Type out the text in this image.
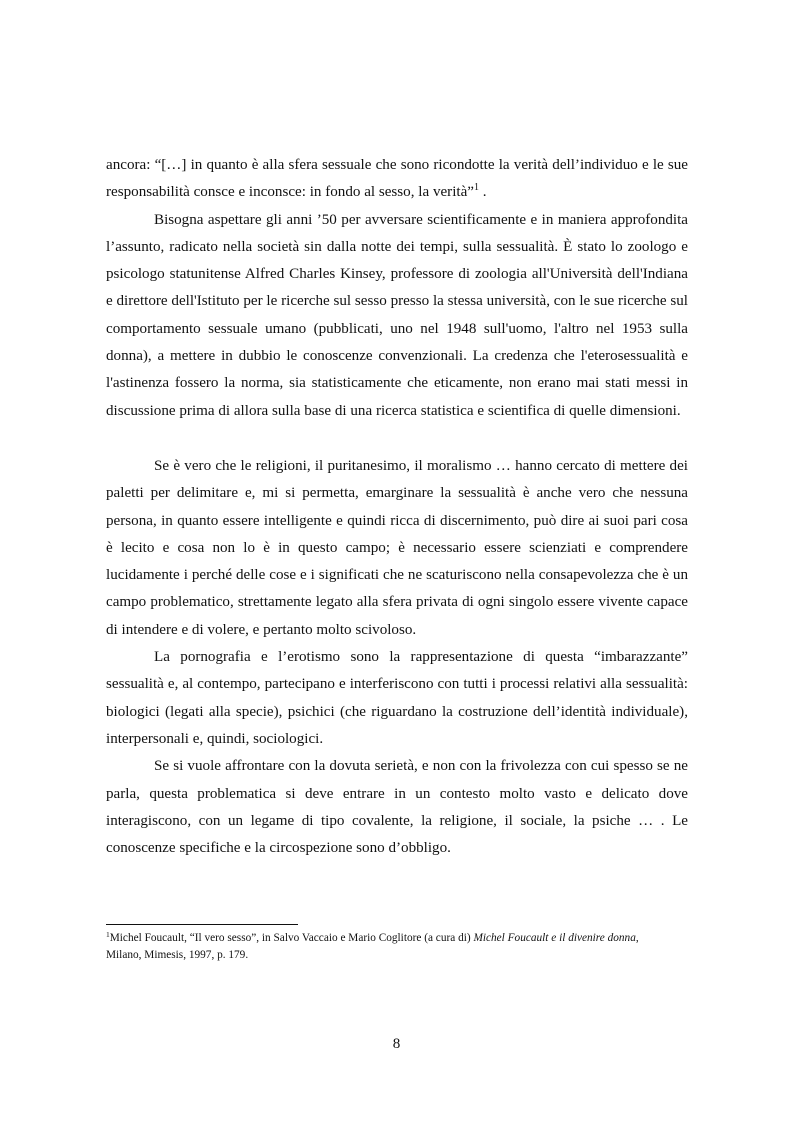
ancora: “[…] in quanto è alla sfera sessuale che sono ricondotte la verità dell’individuo e le sue responsabilità consce e inconsce: in fondo al sesso, la verità”$^1$ .

Bisogna aspettare gli anni ’50 per avversare scientificamente e in maniera approfondita l’assunto, radicato nella società sin dalla notte dei tempi, sulla sessualità. È stato lo zoologo e psicologo statunitense Alfred Charles Kinsey, professore di zoologia all'Università dell'Indiana e direttore dell'Istituto per le ricerche sul sesso presso la stessa università, con le sue ricerche sul comportamento sessuale umano (pubblicati, uno nel 1948 sull'uomo, l'altro nel 1953 sulla donna), a mettere in dubbio le conoscenze convenzionali. La credenza che l'eterosessualità e l'astinenza fossero la norma, sia statisticamente che eticamente, non erano mai stati messi in discussione prima di allora sulla base di una ricerca statistica e scientifica di quelle dimensioni.

Se è vero che le religioni, il puritanesimo, il moralismo … hanno cercato di mettere dei paletti per delimitare e, mi si permetta, emarginare la sessualità è anche vero che nessuna persona, in quanto essere intelligente e quindi ricca di discernimento, può dire ai suoi pari cosa è lecito e cosa non lo è in questo campo; è necessario essere scienziati e comprendere lucidamente i perché delle cose e i significati che ne scaturiscono nella consapevolezza che è un campo problematico, strettamente legato alla sfera privata di ogni singolo essere vivente capace di intendere e di volere, e pertanto molto scivoloso.

La pornografia e l’erotismo sono la rappresentazione di questa “imbarazzante” sessualità e, al contempo, partecipano e interferiscono con tutti i processi relativi alla sessualità: biologici (legati alla specie), psichici (che riguardano la costruzione dell’identità individuale), interpersonali e, quindi, sociologici.

Se si vuole affrontare con la dovuta serietà, e non con la frivolezza con cui spesso se ne parla, questa problematica si deve entrare in un contesto molto vasto e delicato dove interagiscono, con un legame di tipo covalente, la religione, il sociale, la psiche … . Le conoscenze specifiche e la circospezione sono d’obbligo.

$^1$Michel Foucault, “Il vero sesso”, in Salvo Vaccaio e Mario Coglitore (a cura di) Michel Foucault e il divenire donna,

Milano, Mimesis, 1997, p. 179.

8
